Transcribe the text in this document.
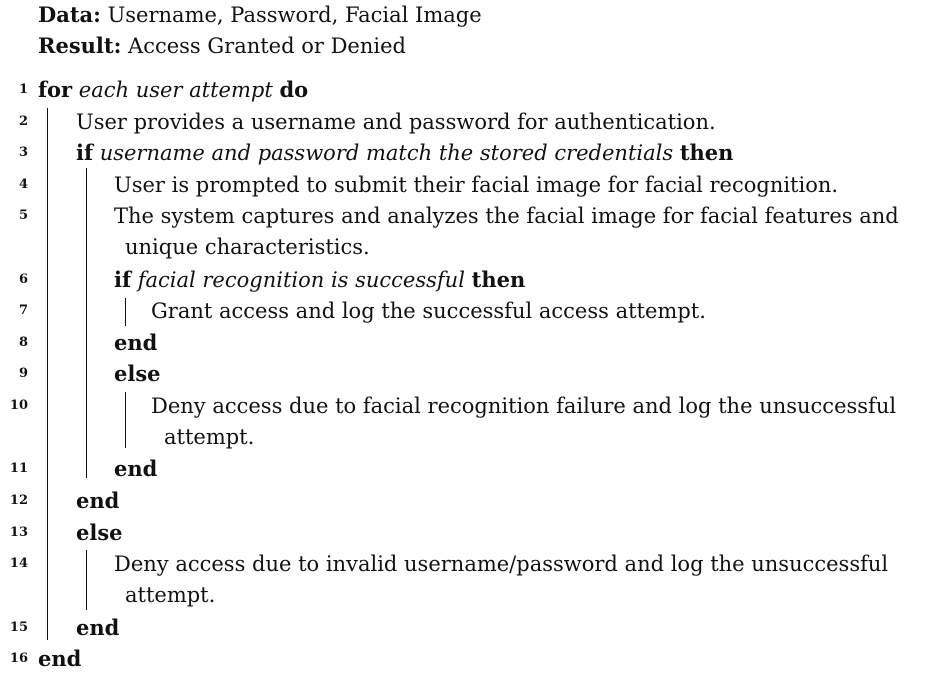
Data: Username, Password, Facial Image
Result: Access Granted or Denied
1
2
3
4
5
6
7
8
9
10
11
12
13
14
15
16
for each user attempt do
User provides a username and password for authentication.
if username and password match the stored credentials then
User is prompted to submit their facial image for facial recognition.
The system captures and analyzes the facial image for facial features and
unique characteristics.
if facial recognition is successful then
Grant access and log the successful access attempt.
end
else
Deny access due to facial recognition failure and log the unsuccessful
attempt.
end
end
else
Deny access due to invalid username/password and log the unsuccessful
attempt.
end
end
